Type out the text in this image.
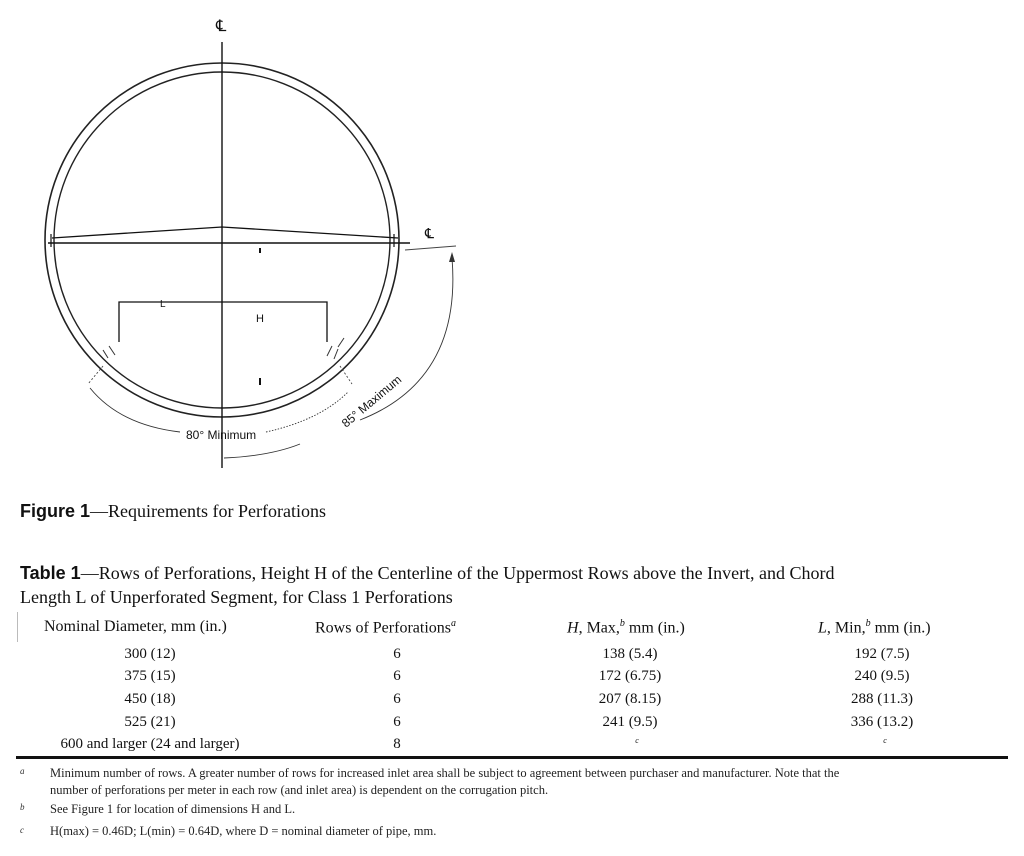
℄
℄
L
H
80° Minimum
85° Maximum
Figure 1—Requirements for Perforations
Table 1—Rows of Perforations, Height H of the Centerline of the Uppermost Rows above the Invert, and Chord
Length L of Unperforated Segment, for Class 1 Perforations
Nominal Diameter, mm (in.)	Rows of Perforations$^a$	H, Max,$^b$ mm (in.)	L, Min,$^b$ mm (in.)
300 (12)	6	138 (5.4)	192 (7.5)
375 (15)	6	172 (6.75)	240 (9.5)
450 (18)	6	207 (8.15)	288 (11.3)
525 (21)	6	241 (9.5)	336 (13.2)
600 and larger (24 and larger)	8	c	c
a Minimum number of rows. A greater number of rows for increased inlet area shall be subject to agreement between purchaser and manufacturer. Note that the
number of perforations per meter in each row (and inlet area) is dependent on the corrugation pitch.
b See Figure 1 for location of dimensions H and L.
c H(max) = 0.46D; L(min) = 0.64D, where D = nominal diameter of pipe, mm.
